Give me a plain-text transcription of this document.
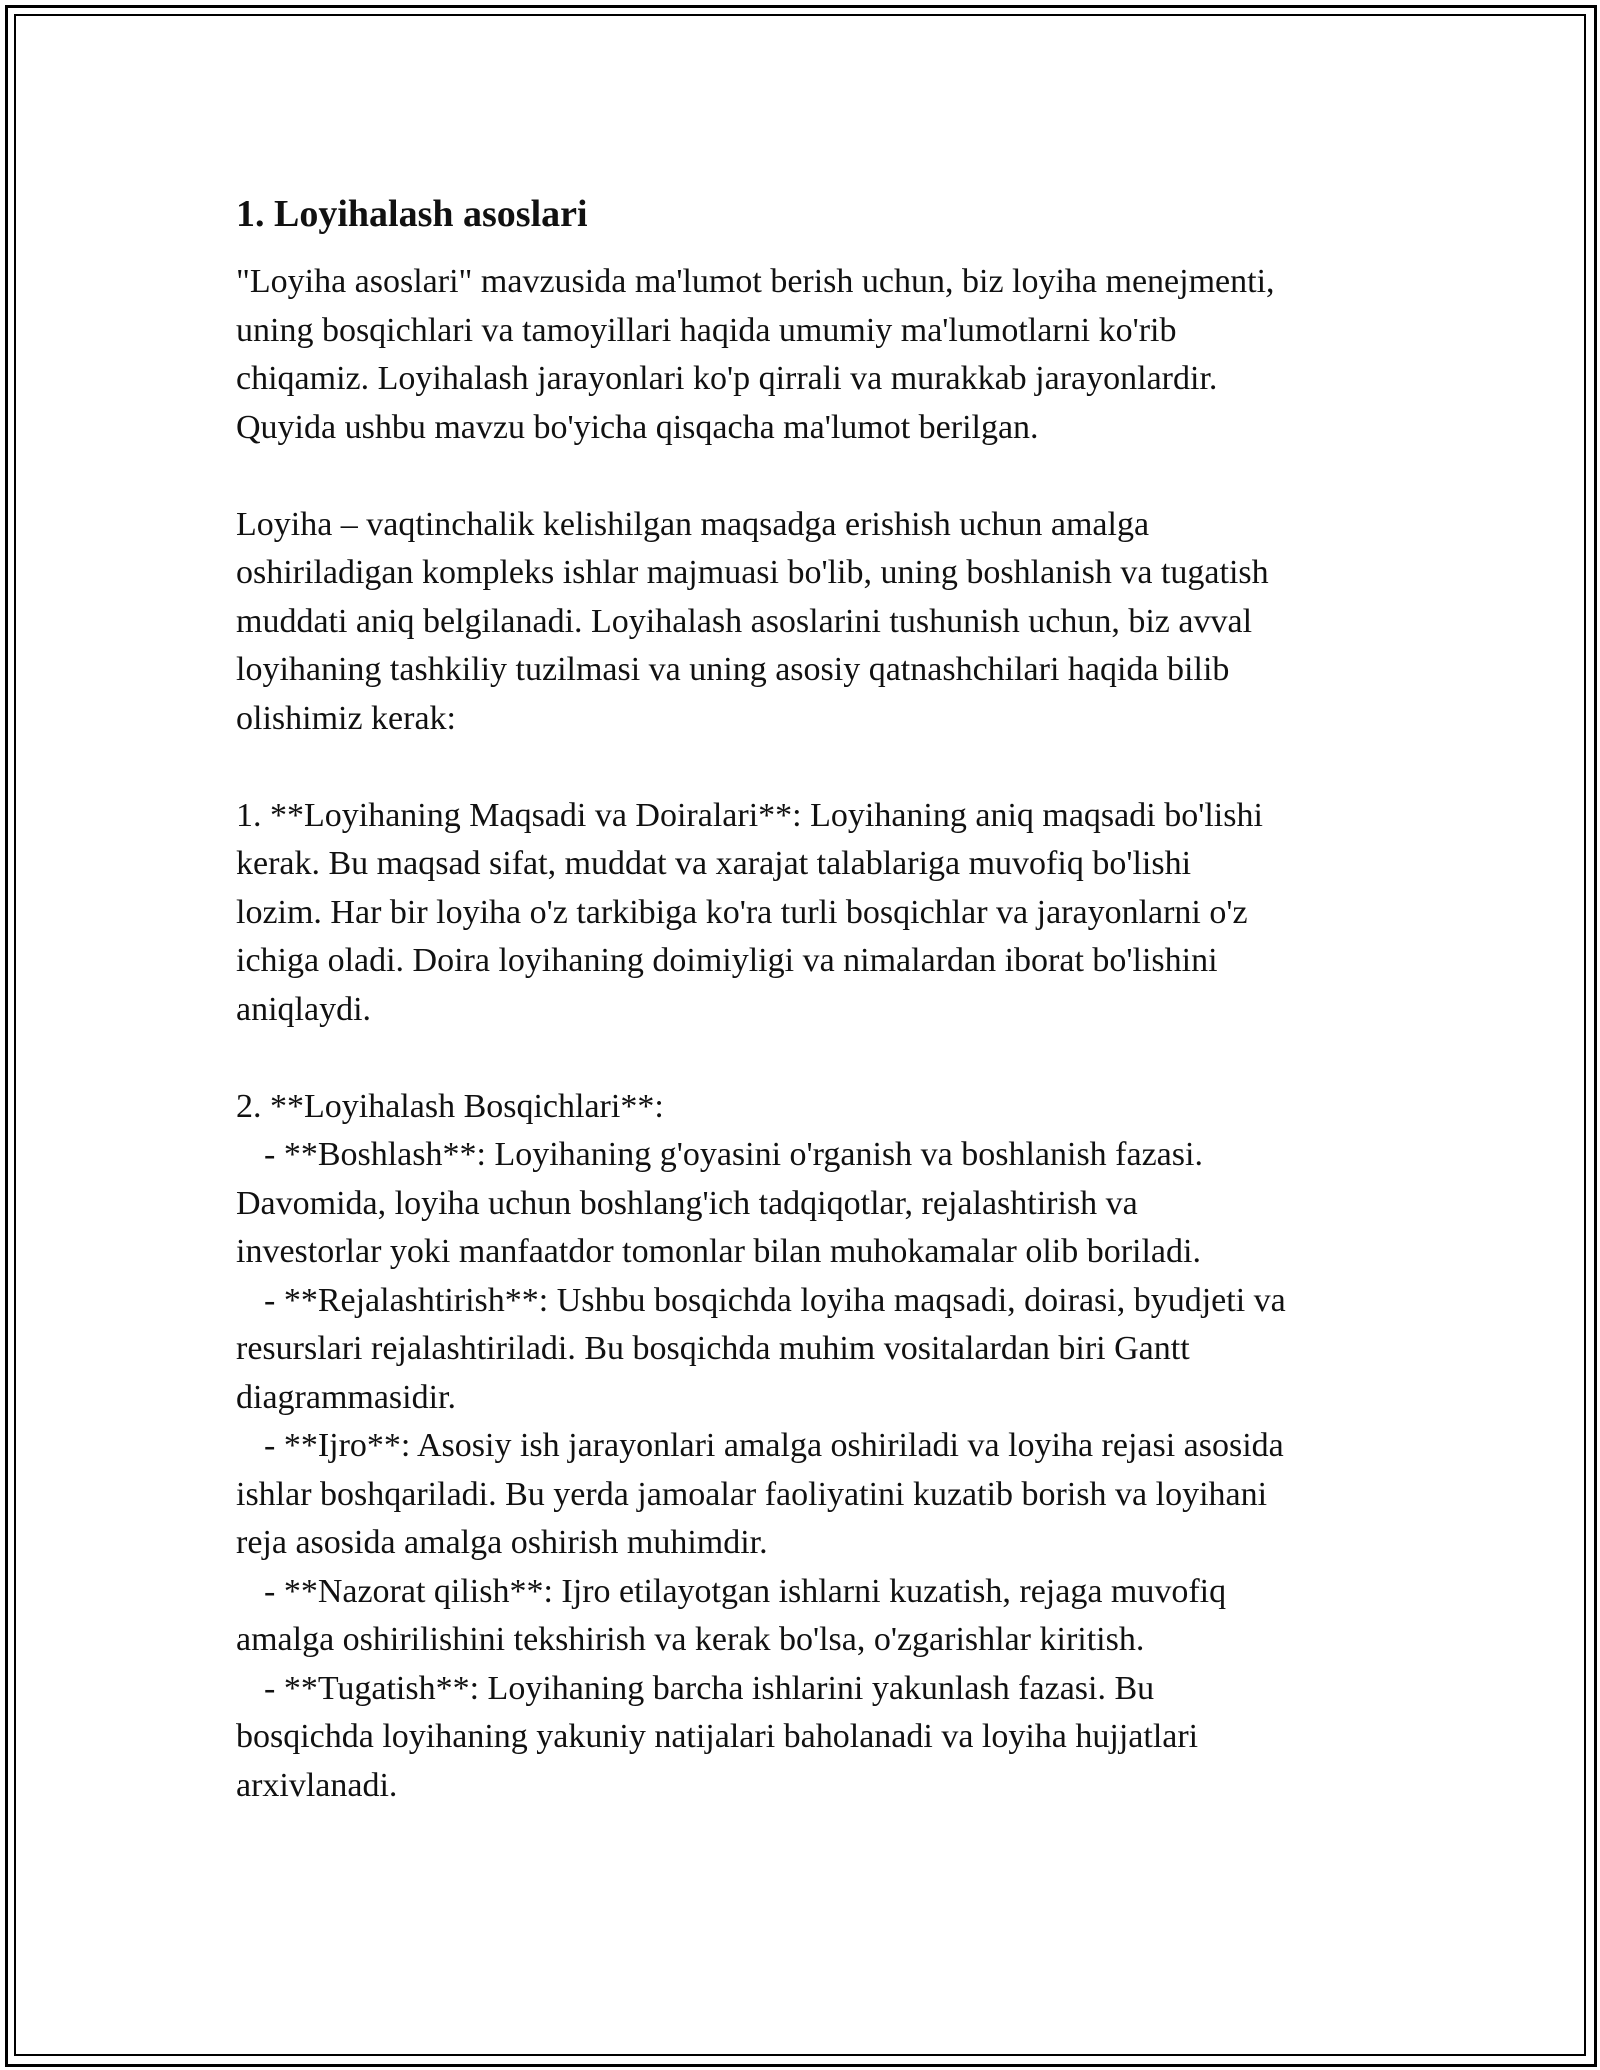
1. Loyihalash asoslari

"Loyiha asoslari" mavzusida ma'lumot berish uchun, biz loyiha menejmenti,
uning bosqichlari va tamoyillari haqida umumiy ma'lumotlarni ko'rib
chiqamiz. Loyihalash jarayonlari ko'p qirrali va murakkab jarayonlardir.
Quyida ushbu mavzu bo'yicha qisqacha ma'lumot berilgan.

Loyiha – vaqtinchalik kelishilgan maqsadga erishish uchun amalga
oshiriladigan kompleks ishlar majmuasi bo'lib, uning boshlanish va tugatish
muddati aniq belgilanadi. Loyihalash asoslarini tushunish uchun, biz avval
loyihaning tashkiliy tuzilmasi va uning asosiy qatnashchilari haqida bilib
olishimiz kerak:

1. **Loyihaning Maqsadi va Doiralari**: Loyihaning aniq maqsadi bo'lishi
kerak. Bu maqsad sifat, muddat va xarajat talablariga muvofiq bo'lishi
lozim. Har bir loyiha o'z tarkibiga ko'ra turli bosqichlar va jarayonlarni o'z
ichiga oladi. Doira loyihaning doimiyligi va nimalardan iborat bo'lishini
aniqlaydi.

2. **Loyihalash Bosqichlari**:
- **Boshlash**: Loyihaning g'oyasini o'rganish va boshlanish fazasi.
Davomida, loyiha uchun boshlang'ich tadqiqotlar, rejalashtirish va
investorlar yoki manfaatdor tomonlar bilan muhokamalar olib boriladi.
- **Rejalashtirish**: Ushbu bosqichda loyiha maqsadi, doirasi, byudjeti va
resurslari rejalashtiriladi. Bu bosqichda muhim vositalardan biri Gantt
diagrammasidir.
- **Ijro**: Asosiy ish jarayonlari amalga oshiriladi va loyiha rejasi asosida
ishlar boshqariladi. Bu yerda jamoalar faoliyatini kuzatib borish va loyihani
reja asosida amalga oshirish muhimdir.
- **Nazorat qilish**: Ijro etilayotgan ishlarni kuzatish, rejaga muvofiq
amalga oshirilishini tekshirish va kerak bo'lsa, o'zgarishlar kiritish.
- **Tugatish**: Loyihaning barcha ishlarini yakunlash fazasi. Bu
bosqichda loyihaning yakuniy natijalari baholanadi va loyiha hujjatlari
arxivlanadi.
